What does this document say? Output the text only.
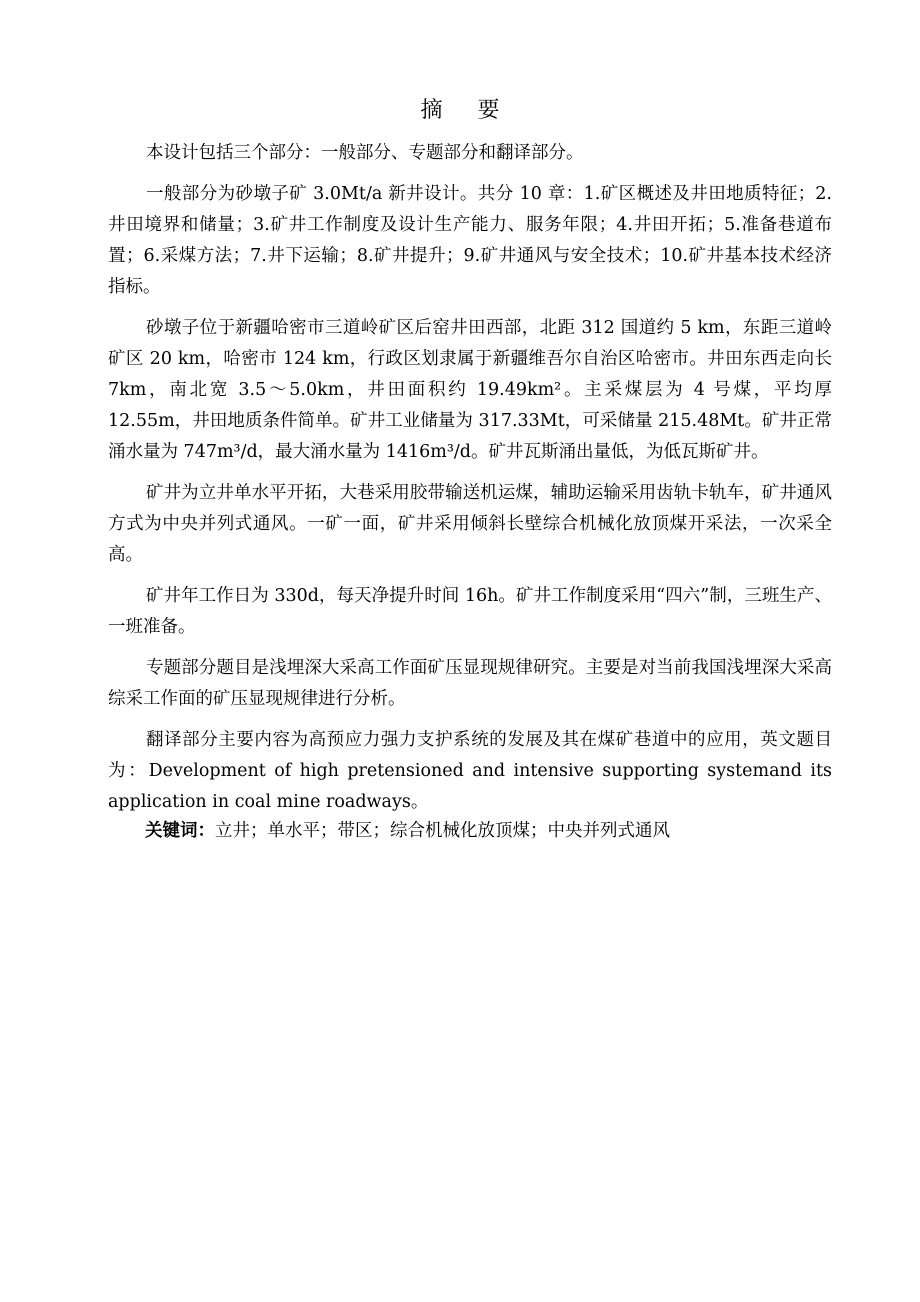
摘 要

本设计包括三个部分：一般部分、专题部分和翻译部分。

一般部分为砂墩子矿 3.0Mt/a 新井设计。共分 10 章：1.矿区概述及井田地质特征；2.井田境界和储量；3.矿井工作制度及设计生产能力、服务年限；4.井田开拓；5.准备巷道布置；6.采煤方法；7.井下运输；8.矿井提升；9.矿井通风与安全技术；10.矿井基本技术经济指标。

砂墩子位于新疆哈密市三道岭矿区后窑井田西部，北距 312 国道约 5 km，东距三道岭矿区 20 km，哈密市 124 km，行政区划隶属于新疆维吾尔自治区哈密市。井田东西走向长 7km，南北宽 3.5～5.0km，井田面积约 19.49km²。主采煤层为 4 号煤，平均厚 12.55m，井田地质条件简单。矿井工业储量为 317.33Mt，可采储量 215.48Mt。矿井正常涌水量为 747m³/d，最大涌水量为 1416m³/d。矿井瓦斯涌出量低，为低瓦斯矿井。

矿井为立井单水平开拓，大巷采用胶带输送机运煤，辅助运输采用齿轨卡轨车，矿井通风方式为中央并列式通风。一矿一面，矿井采用倾斜长壁综合机械化放顶煤开采法，一次采全高。

矿井年工作日为 330d，每天净提升时间 16h。矿井工作制度采用“四六”制，三班生产、一班准备。

专题部分题目是浅埋深大采高工作面矿压显现规律研究。主要是对当前我国浅埋深大采高综采工作面的矿压显现规律进行分析。

翻译部分主要内容为高预应力强力支护系统的发展及其在煤矿巷道中的应用，英文题目为：Development of high pretensioned and intensive supporting systemand its application in coal mine roadways。

关键词：立井；单水平；带区；综合机械化放顶煤；中央并列式通风
